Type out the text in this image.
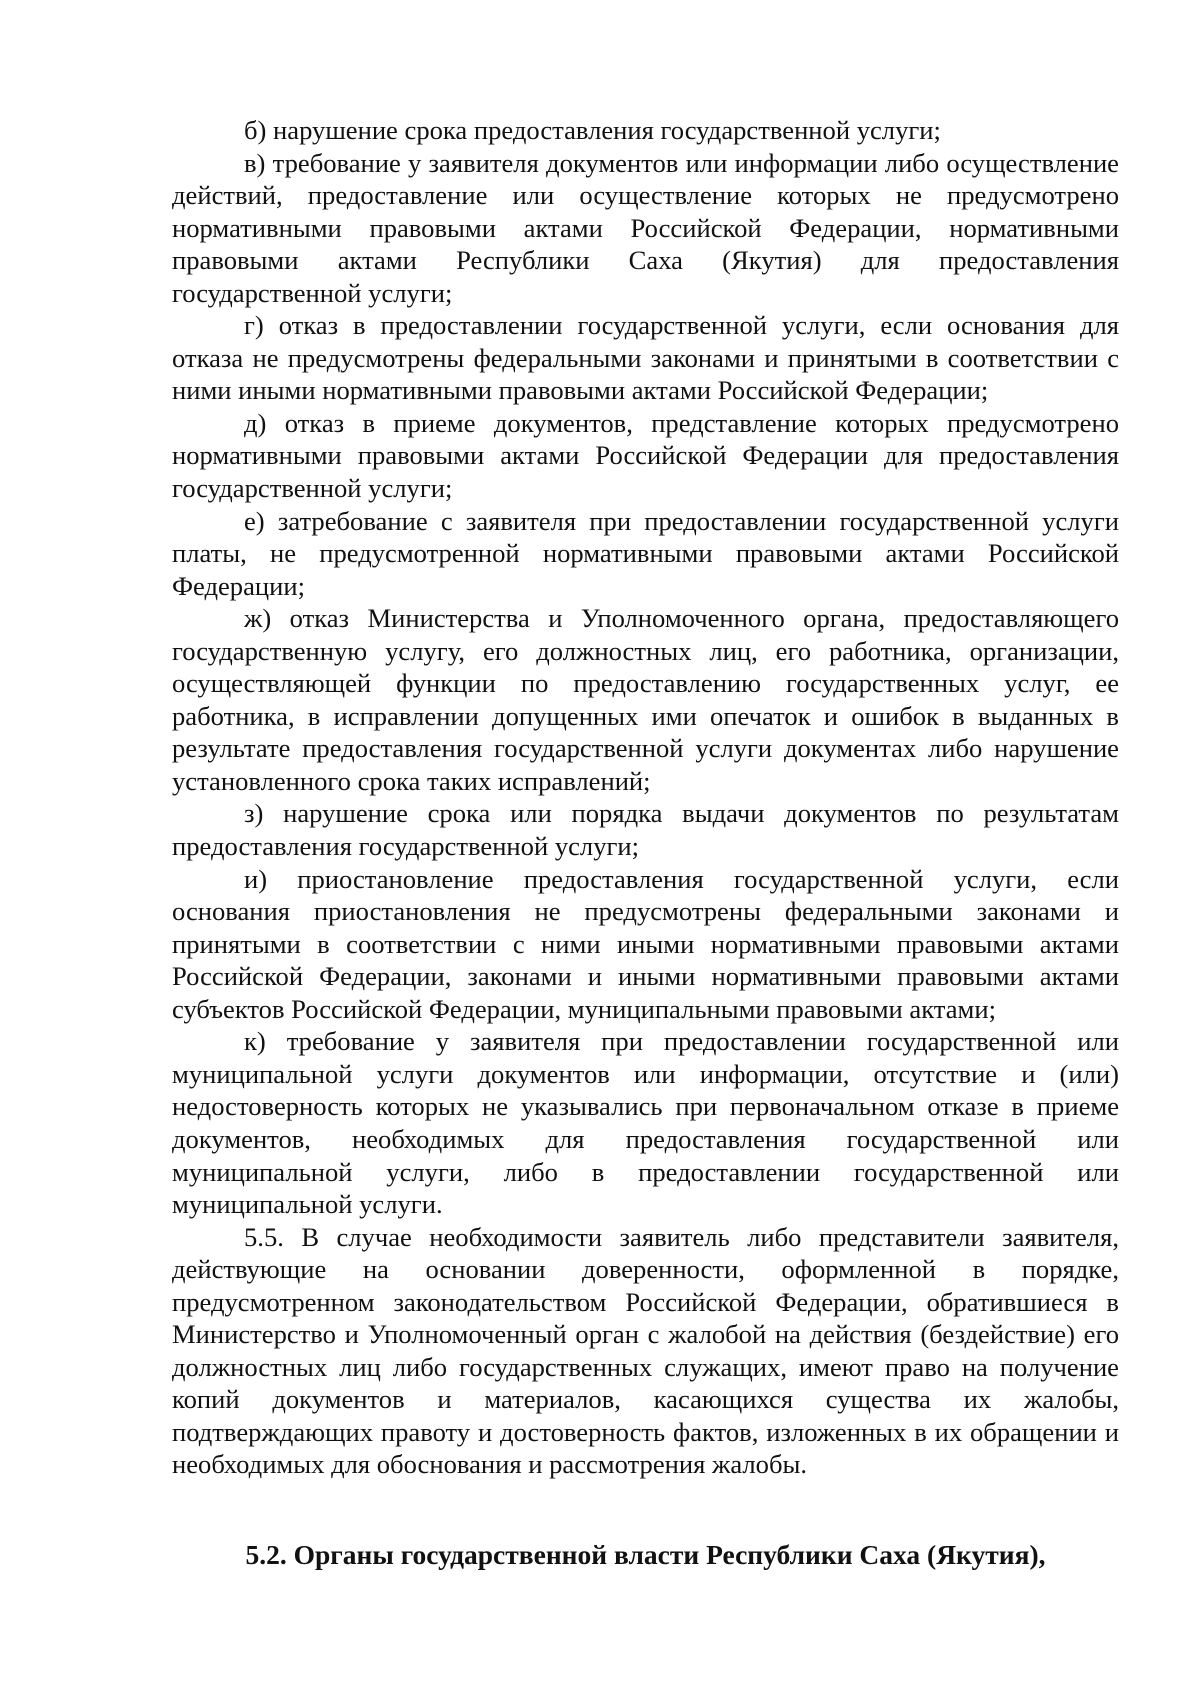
б) нарушение срока предоставления государственной услуги;

в) требование у заявителя документов или информации либо осуществление действий, предоставление или осуществление которых не предусмотрено нормативными правовыми актами Российской Федерации, нормативными правовыми актами Республики Саха (Якутия) для предоставления государственной услуги;

г) отказ в предоставлении государственной услуги, если основания для отказа не предусмотрены федеральными законами и принятыми в соответствии с ними иными нормативными правовыми актами Российской Федерации;

д) отказ в приеме документов, представление которых предусмотрено нормативными правовыми актами Российской Федерации для предоставления государственной услуги;

е) затребование с заявителя при предоставлении государственной услуги платы, не предусмотренной нормативными правовыми актами Российской Федерации;

ж) отказ Министерства и Уполномоченного органа, предоставляющего государственную услугу, его должностных лиц, его работника, организации, осуществляющей функции по предоставлению государственных услуг, ее работника, в исправлении допущенных ими опечаток и ошибок в выданных в результате предоставления государственной услуги документах либо нарушение установленного срока таких исправлений;

з) нарушение срока или порядка выдачи документов по результатам предоставления государственной услуги;

и) приостановление предоставления государственной услуги, если основания приостановления не предусмотрены федеральными законами и принятыми в соответствии с ними иными нормативными правовыми актами Российской Федерации, законами и иными нормативными правовыми актами субъектов Российской Федерации, муниципальными правовыми актами;

к) требование у заявителя при предоставлении государственной или муниципальной услуги документов или информации, отсутствие и (или) недостоверность которых не указывались при первоначальном отказе в приеме документов, необходимых для предоставления государственной или муниципальной услуги, либо в предоставлении государственной или муниципальной услуги.

5.5. В случае необходимости заявитель либо представители заявителя, действующие на основании доверенности, оформленной в порядке, предусмотренном законодательством Российской Федерации, обратившиеся в Министерство и Уполномоченный орган с жалобой на действия (бездействие) его должностных лиц либо государственных служащих, имеют право на получение копий документов и материалов, касающихся существа их жалобы, подтверждающих правоту и достоверность фактов, изложенных в их обращении и необходимых для обоснования и рассмотрения жалобы.

5.2. Органы государственной власти Республики Саха (Якутия),
